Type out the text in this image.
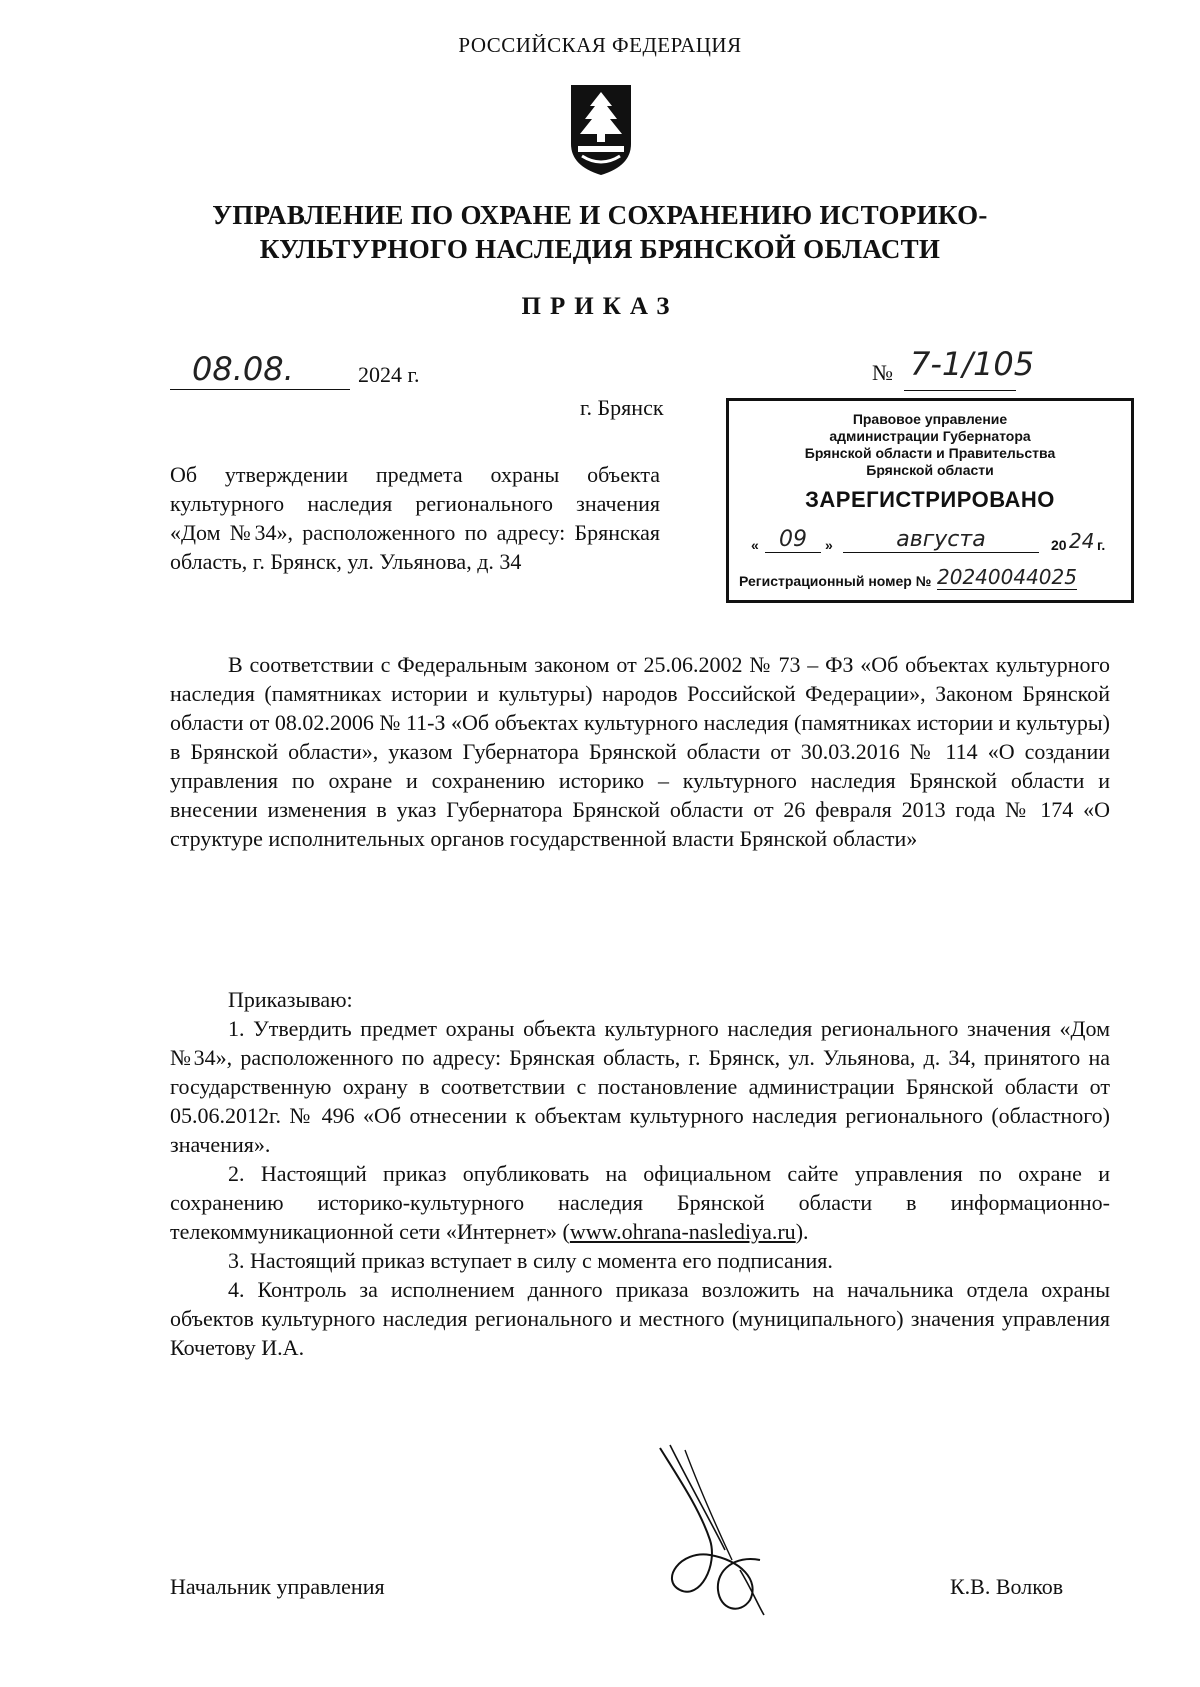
РОССИЙСКАЯ ФЕДЕРАЦИЯ
УПРАВЛЕНИЕ ПО ОХРАНЕ И СОХРАНЕНИЮ ИСТОРИКО-
КУЛЬТУРНОГО НАСЛЕДИЯ БРЯНСКОЙ ОБЛАСТИ
ПРИКАЗ
08.08.	2024 г.	№ 7-1/105
г. Брянск	Правовое управление
администрации Губернатора
Брянской области и Правительства
Брянской области
ЗАРЕГИСТРИРОВАНО
« 09	»	августа	20 24 г.
Регистрационный номер № 20240044025
Об утверждении предмета охраны объекта культурного наследия регионального значения «Дом №34», расположенного по адресу: Брянская область, г. Брянск, ул. Ульянова, д. 34

В соответствии с Федеральным законом от 25.06.2002 № 73 – ФЗ «Об объектах культурного наследия (памятниках истории и культуры) народов Российской Федерации», Законом Брянской области от 08.02.2006 № 11-З «Об объектах культурного наследия (памятниках истории и культуры) в Брянской области», указом Губернатора Брянской области от 30.03.2016 № 114 «О создании управления по охране и сохранению историко – культурного наследия Брянской области и внесении изменения в указ Губернатора Брянской области от 26 февраля 2013 года № 174 «О структуре исполнительных органов государственной власти Брянской области»

Приказываю:

1. Утвердить предмет охраны объекта культурного наследия регионального значения «Дом №34», расположенного по адресу: Брянская область, г. Брянск, ул. Ульянова, д. 34, принятого на государственную охрану в соответствии с постановление администрации Брянской области от 05.06.2012г. № 496 «Об отнесении к объектам культурного наследия регионального (областного) значения».

2. Настоящий приказ опубликовать на официальном сайте управления по охране и сохранению историко-культурного наследия Брянской области в информационно-телекоммуникационной сети «Интернет» (www.ohrana-naslediya.ru).

3. Настоящий приказ вступает в силу с момента его подписания.

4. Контроль за исполнением данного приказа возложить на начальника отдела охраны объектов культурного наследия регионального и местного (муниципального) значения управления Кочетову И.А.

Начальник управления	К.В. Волков
